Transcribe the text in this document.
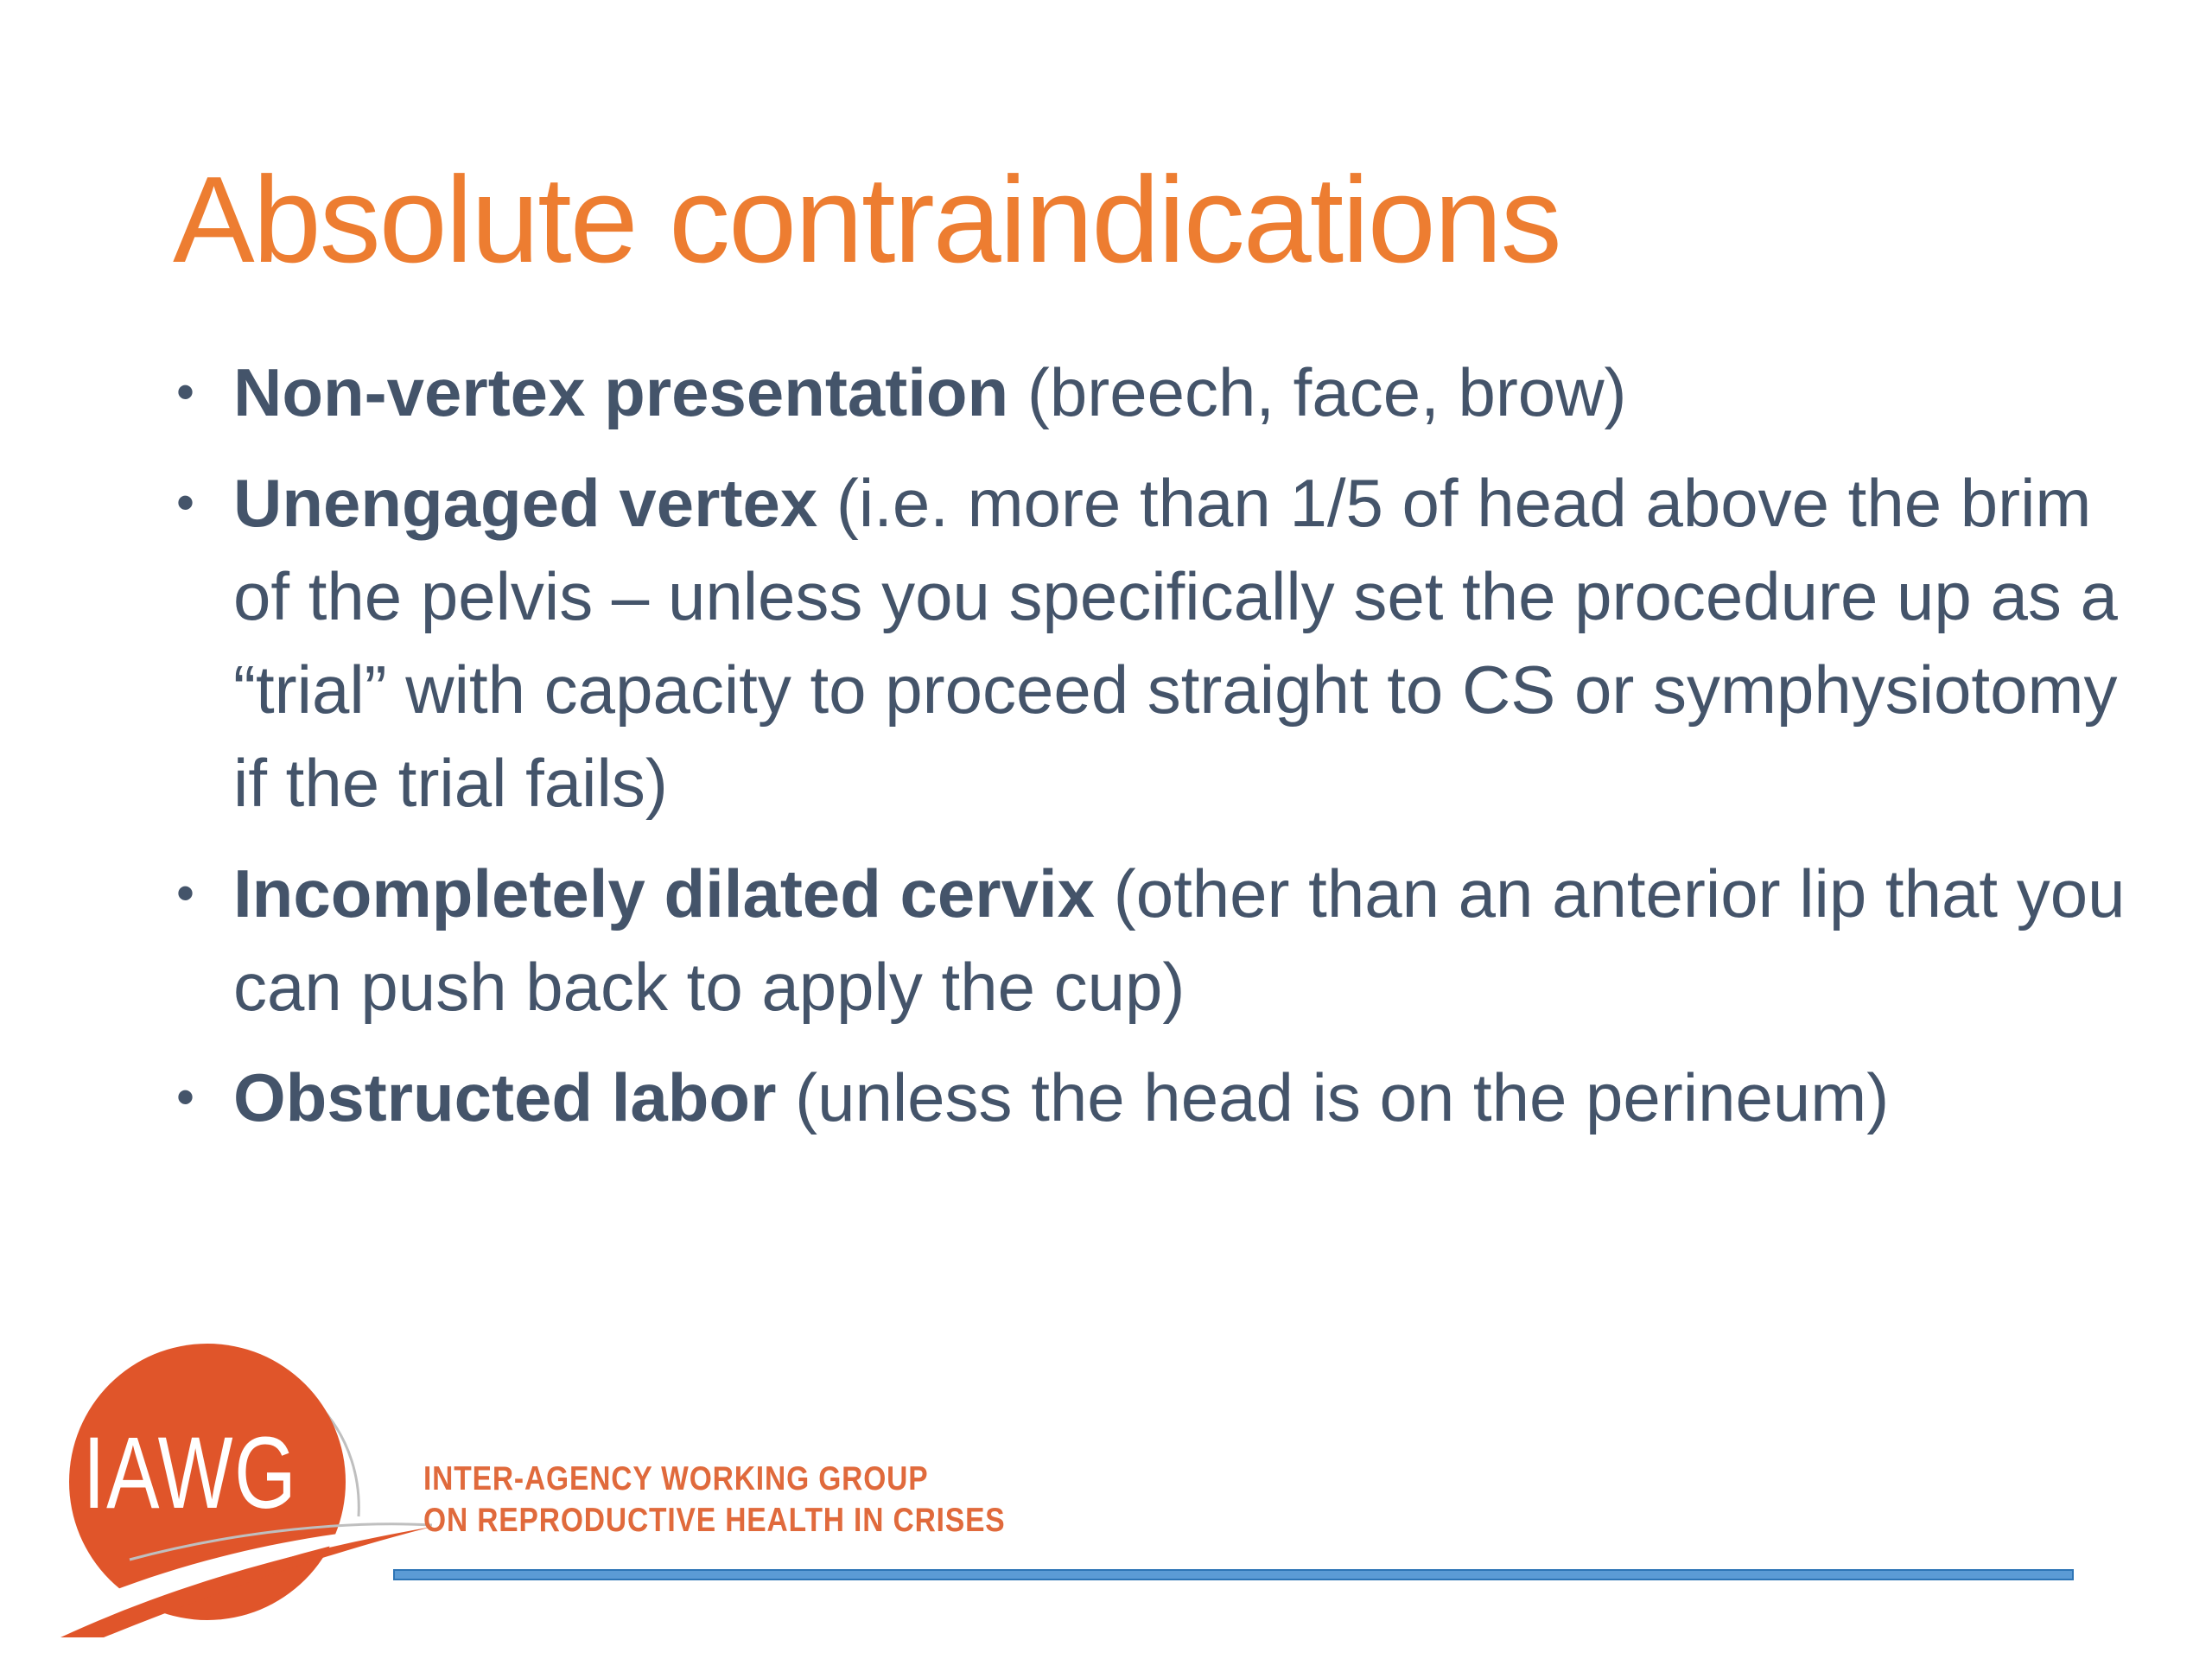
Absolute contraindications
• Non-vertex presentation (breech, face, brow)
• Unengaged vertex (i.e. more than 1/5 of head above the brim of the pelvis – unless you specifically set the procedure up as a “trial” with capacity to proceed straight to CS or symphysiotomy if the trial fails)
• Incompletely dilated cervix (other than an anterior lip that you can push back to apply the cup)
• Obstructed labor (unless the head is on the perineum)
IAWG	INTER-AGENCY WORKING GROUP
ON REPRODUCTIVE HEALTH IN CRISES
